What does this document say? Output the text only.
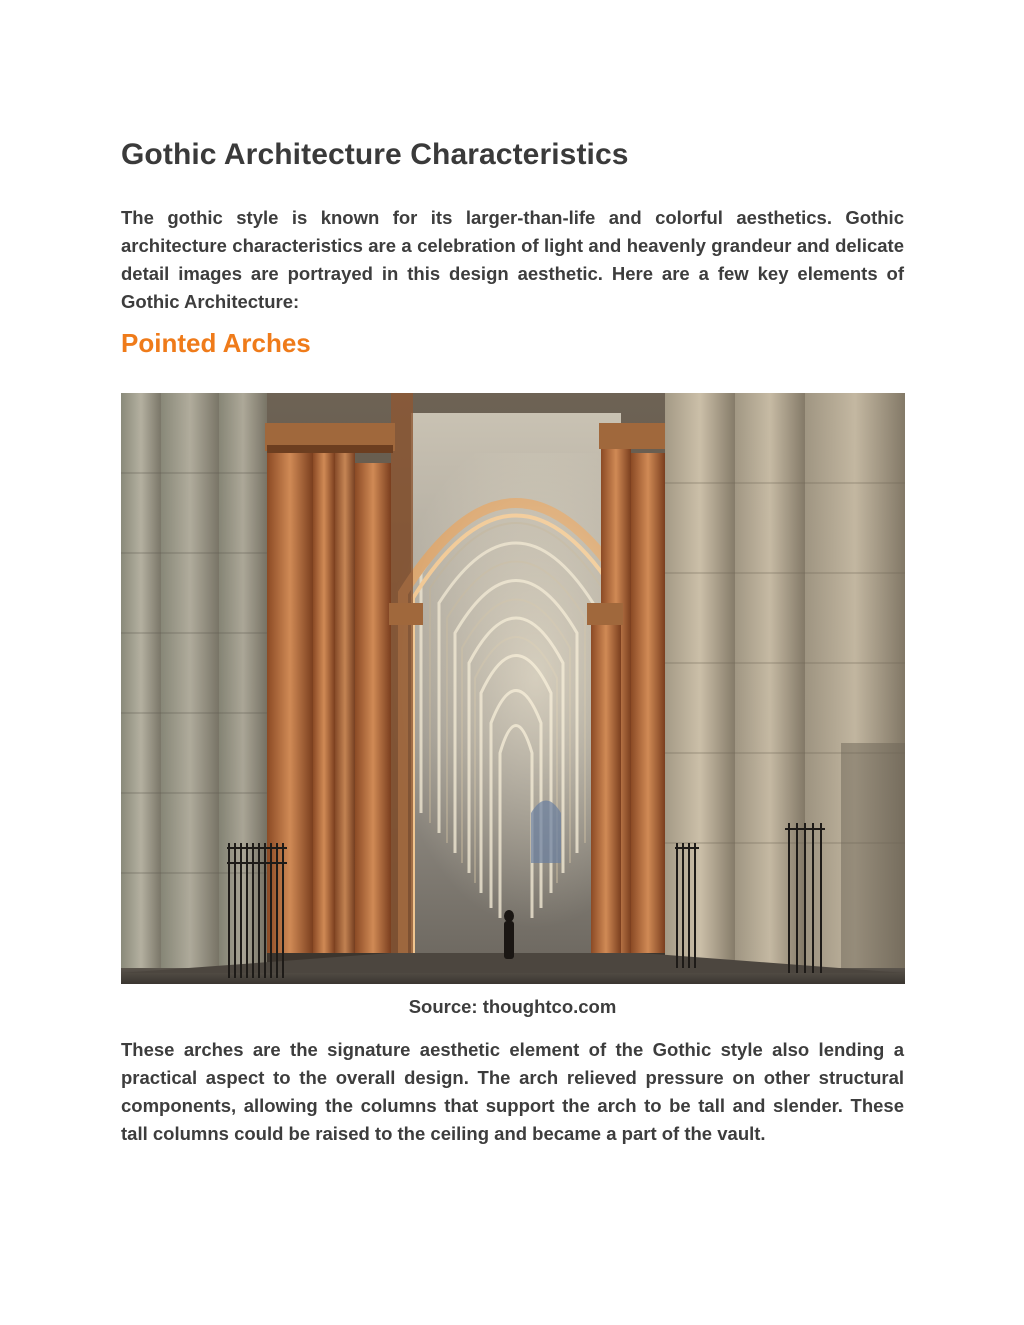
Gothic Architecture Characteristics

The gothic style is known for its larger-than-life and colorful aesthetics. Gothic architecture characteristics are a celebration of light and heavenly grandeur and delicate detail images are portrayed in this design aesthetic. Here are a few key elements of Gothic Architecture:

Pointed Arches

Source: thoughtco.com

These arches are the signature aesthetic element of the Gothic style also lending a practical aspect to the overall design. The arch relieved pressure on other structural components, allowing the columns that support the arch to be tall and slender. These tall columns could be raised to the ceiling and became a part of the vault.
